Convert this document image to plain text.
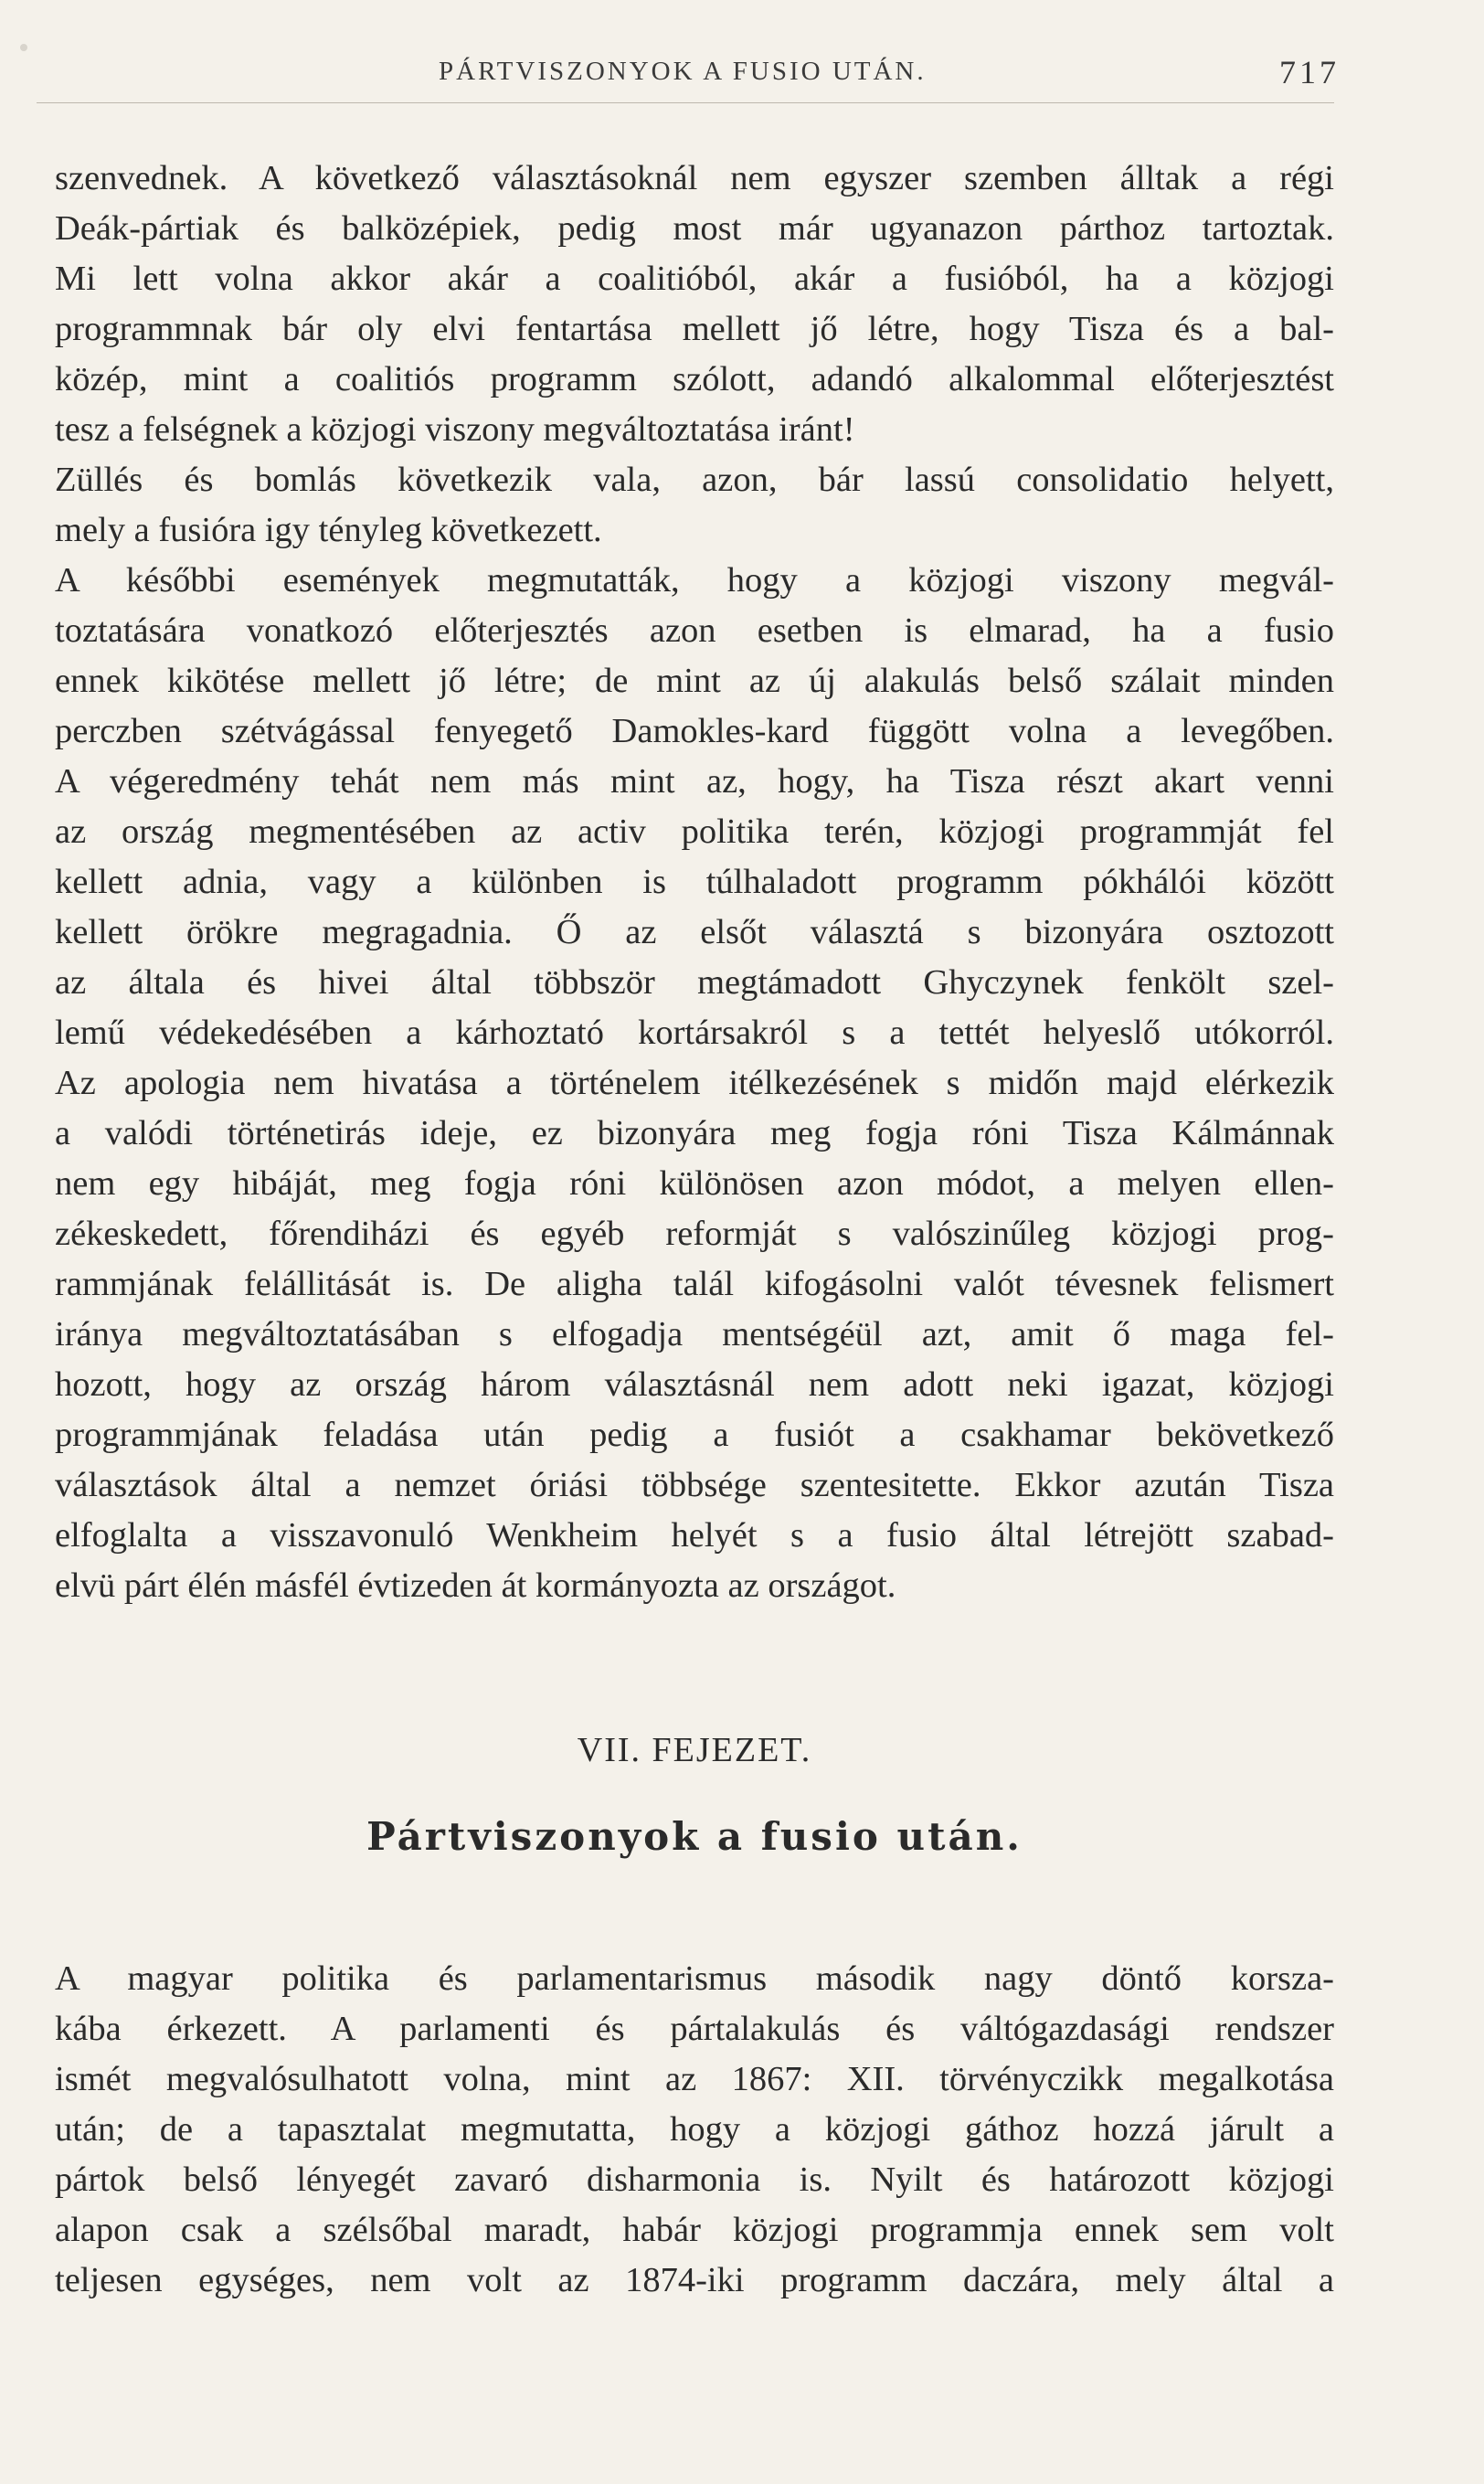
PÁRTVISZONYOK A FUSIO UTÁN.	717
szenvednek. A következő választásoknál nem egyszer szemben álltak a régi
Deák-pártiak és balközépiek, pedig most már ugyanazon párthoz tartoztak.
Mi lett volna akkor akár a coalitióból, akár a fusióból, ha a közjogi
programmnak bár oly elvi fentartása mellett jő létre, hogy Tisza és a bal-
közép, mint a coalitiós programm szólott, adandó alkalommal előterjesztést
tesz a felségnek a közjogi viszony megváltoztatása iránt!
Züllés és bomlás következik vala, azon, bár lassú consolidatio helyett,
mely a fusióra igy tényleg következett.
A későbbi események megmutatták, hogy a közjogi viszony megvál-
toztatására vonatkozó előterjesztés azon esetben is elmarad, ha a fusio
ennek kikötése mellett jő létre; de mint az új alakulás belső szálait minden
perczben szétvágással fenyegető Damokles-kard függött volna a levegőben.
A végeredmény tehát nem más mint az, hogy, ha Tisza részt akart venni
az ország megmentésében az activ politika terén, közjogi programmját fel
kellett adnia, vagy a különben is túlhaladott programm pókhálói között
kellett örökre megragadnia. Ő az elsőt választá s bizonyára osztozott
az általa és hivei által többször megtámadott Ghyczynek fenkölt szel-
lemű védekedésében a kárhoztató kortársakról s a tettét helyeslő utókorról.
Az apologia nem hivatása a történelem itélkezésének s midőn majd elérkezik
a valódi történetirás ideje, ez bizonyára meg fogja róni Tisza Kálmánnak
nem egy hibáját, meg fogja róni különösen azon módot, a melyen ellen-
zékeskedett, főrendiházi és egyéb reformját s valószinűleg közjogi prog-
rammjának felállitását is. De aligha talál kifogásolni valót tévesnek felismert
iránya megváltoztatásában s elfogadja mentségéül azt, amit ő maga fel-
hozott, hogy az ország három választásnál nem adott neki igazat, közjogi
programmjának feladása után pedig a fusiót a csakhamar bekövetkező
választások által a nemzet óriási többsége szentesitette. Ekkor azután Tisza
elfoglalta a visszavonuló Wenkheim helyét s a fusio által létrejött szabad-
elvü párt élén másfél évtizeden át kormányozta az országot.
VII. FEJEZET.
Pártviszonyok a fusio után.
A magyar politika és parlamentarismus második nagy döntő korsza-
kába érkezett. A parlamenti és pártalakulás és váltógazdasági rendszer
ismét megvalósulhatott volna, mint az 1867: XII. törvényczikk megalkotása
után; de a tapasztalat megmutatta, hogy a közjogi gáthoz hozzá járult a
pártok belső lényegét zavaró disharmonia is. Nyilt és határozott közjogi
alapon csak a szélsőbal maradt, habár közjogi programmja ennek sem volt
teljesen egységes, nem volt az 1874-iki programm daczára, mely által a
